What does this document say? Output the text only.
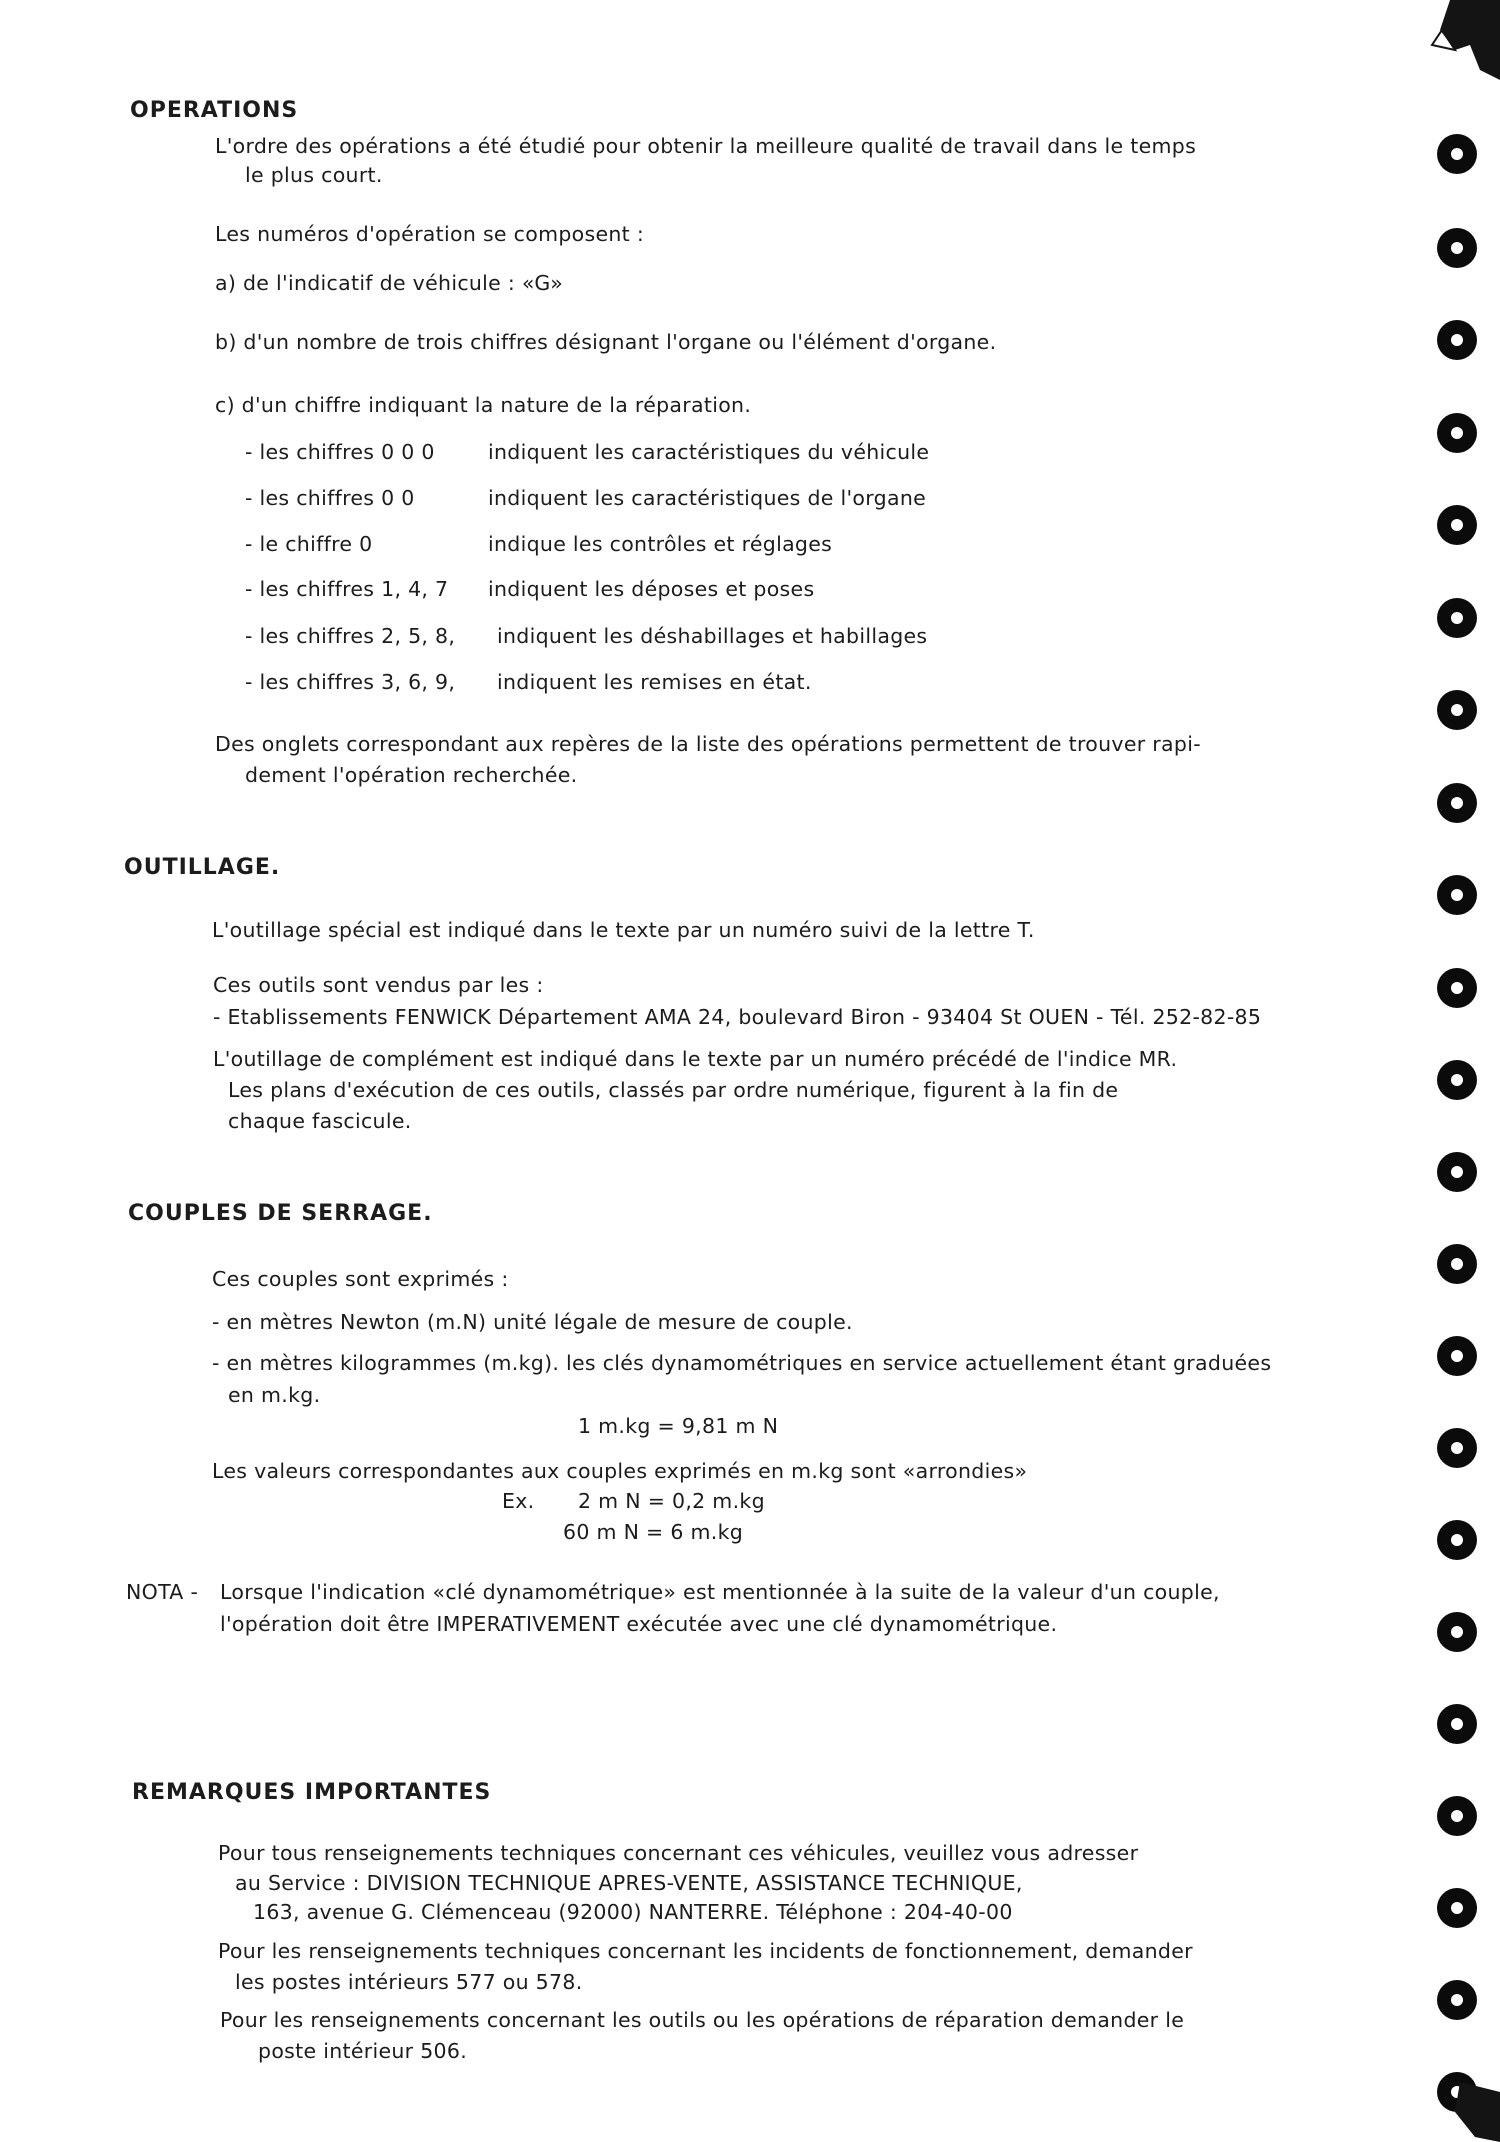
OPERATIONS
L'ordre des opérations a été étudié pour obtenir la meilleure qualité de travail dans le temps
le plus court.
Les numéros d'opération se composent :
a) de l'indicatif de véhicule : «G»
b) d'un nombre de trois chiffres désignant l'organe ou l'élément d'organe.
c) d'un chiffre indiquant la nature de la réparation.
- les chiffres 0 0 0	indiquent les caractéristiques du véhicule
- les chiffres 0 0	indiquent les caractéristiques de l'organe
- le chiffre 0	indique les contrôles et réglages
- les chiffres 1, 4, 7 indiquent les déposes et poses
- les chiffres 2, 5, 8, indiquent les déshabillages et habillages
- les chiffres 3, 6, 9, indiquent les remises en état.
Des onglets correspondant aux repères de la liste des opérations permettent de trouver rapi-
dement l'opération recherchée.
OUTILLAGE.
L'outillage spécial est indiqué dans le texte par un numéro suivi de la lettre T.
Ces outils sont vendus par les :
- Etablissements FENWICK Département AMA 24, boulevard Biron - 93404 St OUEN - Tél. 252-82-85
L'outillage de complément est indiqué dans le texte par un numéro précédé de l'indice MR.
Les plans d'exécution de ces outils, classés par ordre numérique, figurent à la fin de
chaque fascicule.
COUPLES DE SERRAGE.
Ces couples sont exprimés :
- en mètres Newton (m.N) unité légale de mesure de couple.
- en mètres kilogrammes (m.kg). les clés dynamométriques en service actuellement étant graduées
en m.kg.
1 m.kg = 9,81 m N
Les valeurs correspondantes aux couples exprimés en m.kg sont «arrondies»
Ex. 2 m N = 0,2 m.kg
60 m N = 6 m.kg
NOTA - Lorsque l'indication «clé dynamométrique» est mentionnée à la suite de la valeur d'un couple,
l'opération doit être IMPERATIVEMENT exécutée avec une clé dynamométrique.
REMARQUES IMPORTANTES
Pour tous renseignements techniques concernant ces véhicules, veuillez vous adresser
au Service : DIVISION TECHNIQUE APRES-VENTE, ASSISTANCE TECHNIQUE,
163, avenue G. Clémenceau (92000) NANTERRE. Téléphone : 204-40-00
Pour les renseignements techniques concernant les incidents de fonctionnement, demander
les postes intérieurs 577 ou 578.
Pour les renseignements concernant les outils ou les opérations de réparation demander le
poste intérieur 506.
